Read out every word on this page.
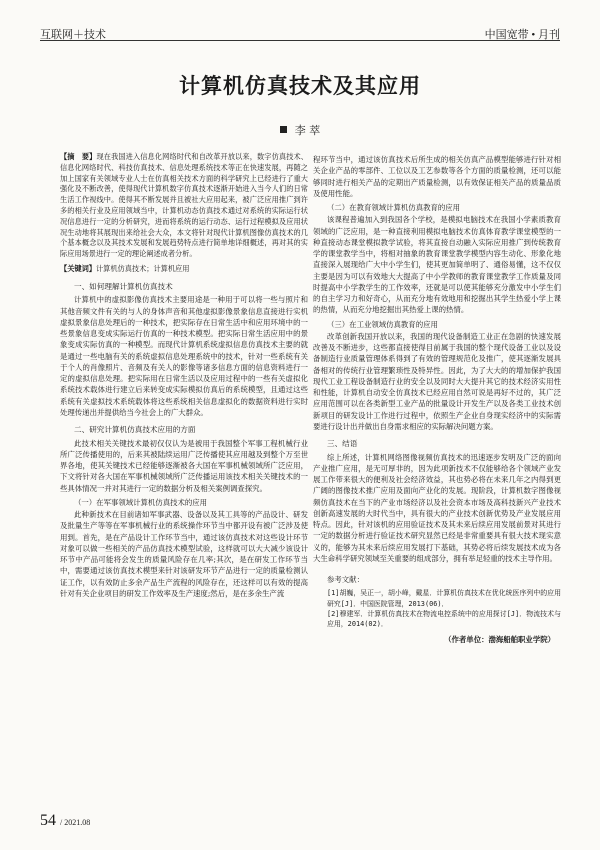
互联网＋技术	中国宽带 • 月刊
计算机仿真技术及其应用
李 萃
【摘　要】现在我国进入信息化网络时代和自改革开放以来，数字仿真技术、信息化网络时代、科技仿真技术、信息处理系统技术等正在快速发展，再随之加上国家有关领域专业人士在仿真相关技术方面的科学研究上已经进行了重大强化及不断改善，使得现代计算机数字仿真技术逐渐开始进入当今人们的日常生活工作视线中。使得其不断发展并且被社大应用起来，被广泛应用推广到许多的相关行业及应用领域当中，计算机动态仿真技术通过对系统的实际运行状况信息进行一定的分析研究，进而将系统的运行动态、运行过程模拟及应用状况生动地将其展现出来给社会大众，本文将针对现代计算机图像仿真技术的几个基本概念以及其技术发展和发展趋势特点进行简单地详细概述，再对其的实际应用场景进行一定的理论阐述成者分析。
【关键词】计算机仿真技术；计算机应用
一、如何理解计算机仿真技术

计算机中的虚拟影像仿真技术主要用途是一种用于可以将一些与照片和其他音频文件有关的与人的身体声音和其他虚拟影像景象信息直接进行实机虚拟景象信息处理后的一种技术，把实际存在日常生活中和应用环境中的一些景象信息变成实际运行仿真的一种技术模型。把实际日常生活应用中的景象变成实际仿真的一种模型。而现代计算机系统虚拟信息仿真技术主要的就是通过一些电脑有关的系统虚拟信息处理系统中的技术，针对一些系统有关于个人的肖像照片、音频及有关人的影像等诸多信息方面的信息资料进行一定的虚拟信息处理。把实际用在日常生活以及应用过程中的一些有关虚拟化系统技术载体进行建立后来转变成实际模拟仿真后的系统模型，且通过这些系统有关虚拟技术系统载体将这些系统相关信息虚拟化的数据资料进行实时处理传递出并提供给当今社会上的广大群众。

二、研究计算机仿真技术应用的方面

此技术相关关键技术最初仅仅认为是被用于我国整个军事工程机械行业所广泛传播使用的，后来其被陆续运用广泛传播使其应用越及到整个万至世界各地，使其关键技术已经能够逐渐被各大国在军事机械领域所广泛应用，下文将针对各大国在军事机械领域所广泛传播运用该技术相关关键技术的一些具体情况一并对其进行一定的数据分析及相关案例调查探究。

（一）在军事领域计算机仿真技术的应用

此种新技术在目前诸如军事武器、设备以及其工具等的产品设计、研发及批量生产等等在军事机械行业的系统操作环节当中都开设有被广泛涉及使用到。首先，是在产品设计工作环节当中，通过该仿真技术对这些设计环节对象可以做一些相关的产品仿真技术模型试验，这样就可以大大减少该设计环节中产品可能将会发生的质量风险存在几率;其次，是在研发工作环节当中，需要通过该仿真技术模型来针对该研发环节产品进行一定的质量检测认证工作，以有效防止多余产品生产流程的风险存在，还这样可以有效的提高针对有关企业项目的研发工作效率及生产速度;然后，是在多余生产流

程环节当中，通过该仿真技术后所生成的相关仿真产品模型能够进行针对相关企业产品的零部件、工位以及工艺参数等各个方面的质量检测，还可以能够同时进行相关产品的定期出产质量检测，以有效保证相关产品的质量品质及使用性能。

（二）在教育领域计算机仿真教育的应用

该课程普遍加入到我国各个学校，是模拟电脑技术在我国小学素质教育领域的广泛应用，是一种直接利用模拟电脑技术仿真体育教学课堂模型的一种直接动态课堂模拟教学试验，将其直接自动融入实际应用推广到传统教育学的课堂教学当中，将相对抽象的教育课堂教学模型内容生动化、形象化地直接深入展现给广大中小学生们，使其更加简单明了、通俗易懂，这不仅仅主要是因为可以有效地大大提高了中小学教师的教育课堂教学工作质量及同时提高中小学教学生的工作效率，还就是可以使其能够充分激发中小学生们的自主学习力和好奇心，从而充分地有效地用和挖掘出其学生热爱小学上课的热情，从而充分地挖掘出其热爱上课的热情。

（三）在工业领域仿真教育的应用

改革创新我国开放以来，我国的现代设备制造工业正在急剧的快速发展改善及不断进步，这些都直接使得目前属于我国的整个现代设备工业以及设备制造行业质量管理体系得到了有效的管理规范化及推广，使其逐渐发展具备相对的传统行业管理繁琐性及特异性。因此，为了大大的的增加保护我国现代工业工程设备制造行业的安全以及同时大大提升其它的技术经济实用性和性能，计算机自动安全仿真技术已经应用自然可说是再好不过的，其广泛应用范围可以在各类新型工业产品的批量设计开发生产以及各类工业技术创新项目的研发设计工作进行过程中，依照生产企业自身现实经济中的实际需要进行设计出并做出自身需求相应的实际解决问题方案。

三、结语

综上所述，计算机网络图像视频仿真技术的迅速逐步发明及广泛的面向产业推广应用，是无可厚非的，因为此项新技术不仅能够给各个领域产业发展工作带来很大的便利及社会经济效益，其也势必将在未来几年之内得到更广阔的图像技术推广应用及面向产业化的发展。现阶段，计算机数字图像视频仿真技术在当下的产业市场经济以及社会资本市场及高科技新兴产业技术创新高速发展的大时代当中，具有很大的产业技术创新优势及产业发展应用特点。因此，针对该机的应用验证技术及其未来后续应用发展前景对其进行一定的数据分析进行验证技术研究显然已经是非常重要具有很大技术现实意义的，能够为其未来后续应用发展打下基础，其势必将后续发展技术成为各大生命科学研究领域至关重要的组成部分，拥有举足轻重的技术主导作用。

参考文献：
[1]胡巍，吴正一，胡小峰，戴星．计算机仿真技术在优化统医序列中的应用研究[J]．中国医院管理，2013(06)．
[2]穆建军．计算机仿真技术在物流电控系统中的应用探讨[J]．物流技术与应用，2014(02)．
（作者单位：渤海船舶职业学院）
54 / 2021.08
